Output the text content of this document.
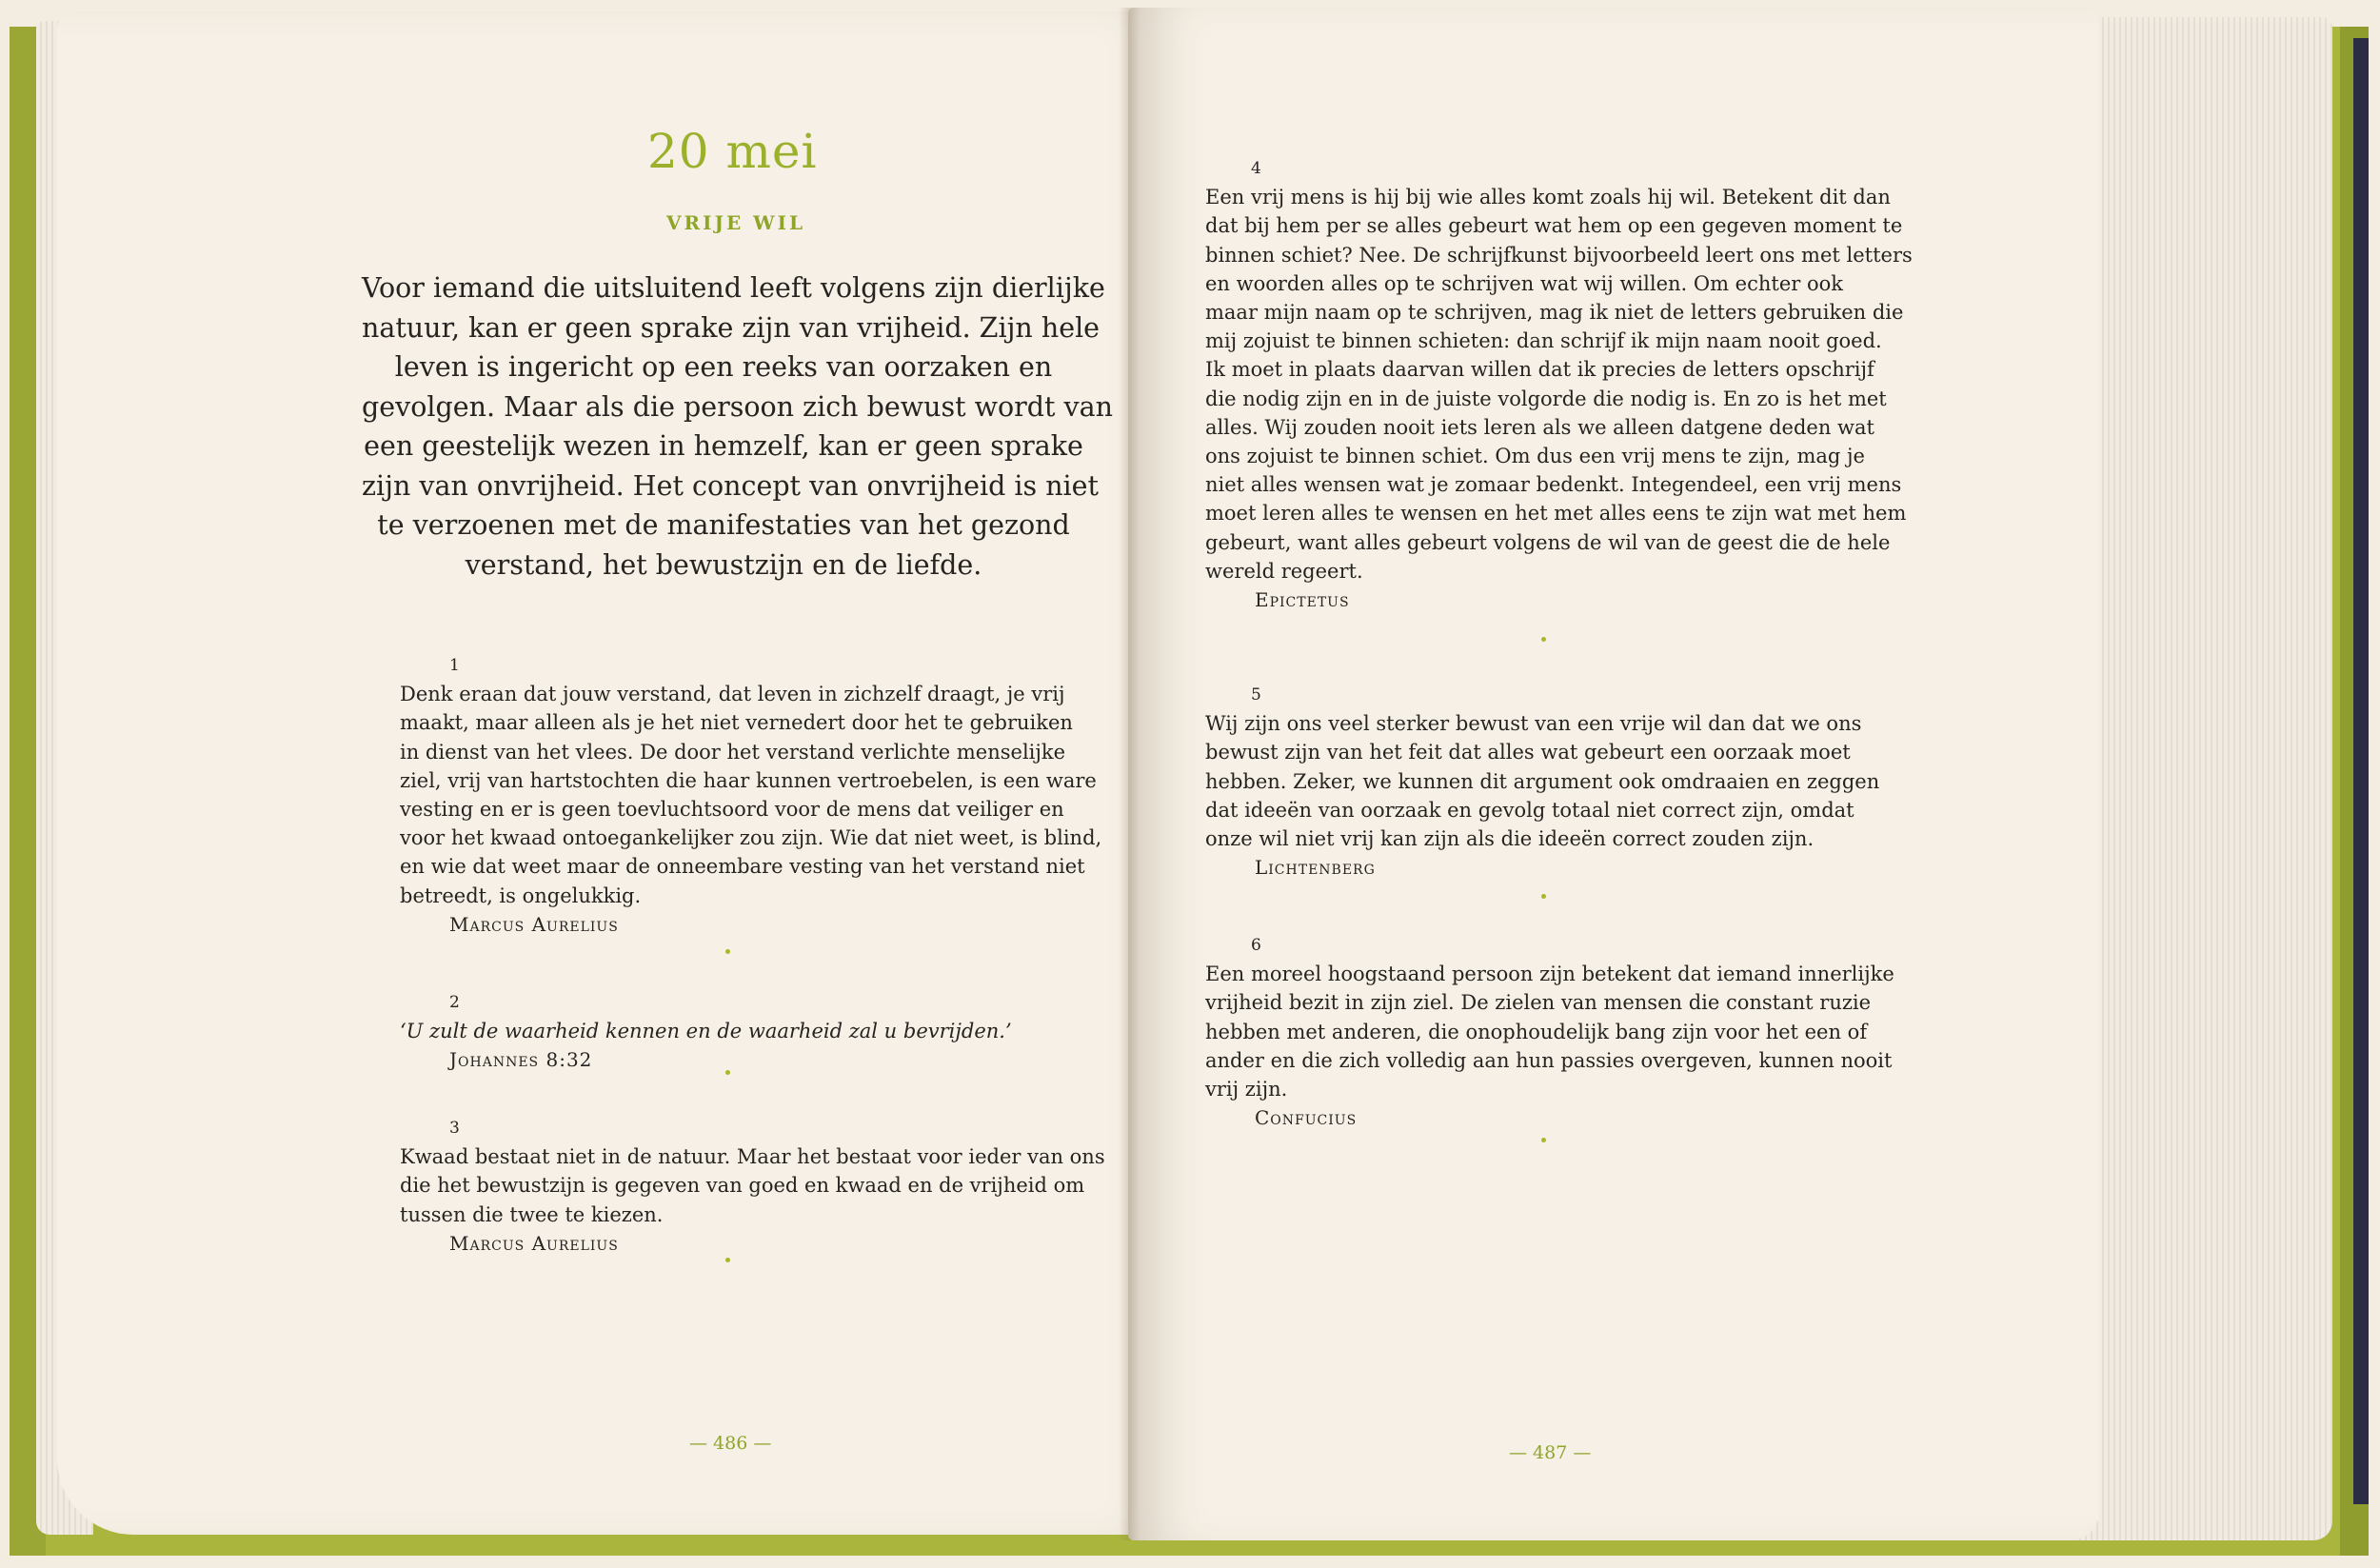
20 mei
VRIJE WIL
Voor iemand die uitsluitend leeft volgens zijn dierlijke
natuur, kan er geen sprake zijn van vrijheid. Zijn hele
leven is ingericht op een reeks van oorzaken en
gevolgen. Maar als die persoon zich bewust wordt van
een geestelijk wezen in hemzelf, kan er geen sprake
zijn van onvrijheid. Het concept van onvrijheid is niet
te verzoenen met de manifestaties van het gezond
verstand, het bewustzijn en de liefde.
1
Denk eraan dat jouw verstand, dat leven in zichzelf draagt, je vrij
maakt, maar alleen als je het niet vernedert door het te gebruiken
in dienst van het vlees. De door het verstand verlichte menselijke
ziel, vrij van hartstochten die haar kunnen vertroebelen, is een ware
vesting en er is geen toevluchtsoord voor de mens dat veiliger en
voor het kwaad ontoegankelijker zou zijn. Wie dat niet weet, is blind,
en wie dat weet maar de onneembare vesting van het verstand niet
betreedt, is ongelukkig.
Marcus Aurelius
2
‘U zult de waarheid kennen en de waarheid zal u bevrijden.’
Johannes 8:32
3
Kwaad bestaat niet in de natuur. Maar het bestaat voor ieder van ons
die het bewustzijn is gegeven van goed en kwaad en de vrijheid om
tussen die twee te kiezen.
Marcus Aurelius
— 486 —
4
Een vrij mens is hij bij wie alles komt zoals hij wil. Betekent dit dan
dat bij hem per se alles gebeurt wat hem op een gegeven moment te
binnen schiet? Nee. De schrijfkunst bijvoorbeeld leert ons met letters
en woorden alles op te schrijven wat wij willen. Om echter ook
maar mijn naam op te schrijven, mag ik niet de letters gebruiken die
mij zojuist te binnen schieten: dan schrijf ik mijn naam nooit goed.
Ik moet in plaats daarvan willen dat ik precies de letters opschrijf
die nodig zijn en in de juiste volgorde die nodig is. En zo is het met
alles. Wij zouden nooit iets leren als we alleen datgene deden wat
ons zojuist te binnen schiet. Om dus een vrij mens te zijn, mag je
niet alles wensen wat je zomaar bedenkt. Integendeel, een vrij mens
moet leren alles te wensen en het met alles eens te zijn wat met hem
gebeurt, want alles gebeurt volgens de wil van de geest die de hele
wereld regeert.
Epictetus
5
Wij zijn ons veel sterker bewust van een vrije wil dan dat we ons
bewust zijn van het feit dat alles wat gebeurt een oorzaak moet
hebben. Zeker, we kunnen dit argument ook omdraaien en zeggen
dat ideeën van oorzaak en gevolg totaal niet correct zijn, omdat
onze wil niet vrij kan zijn als die ideeën correct zouden zijn.
Lichtenberg
6
Een moreel hoogstaand persoon zijn betekent dat iemand innerlijke
vrijheid bezit in zijn ziel. De zielen van mensen die constant ruzie
hebben met anderen, die onophoudelijk bang zijn voor het een of
ander en die zich volledig aan hun passies overgeven, kunnen nooit
vrij zijn.
Confucius
— 487 —
